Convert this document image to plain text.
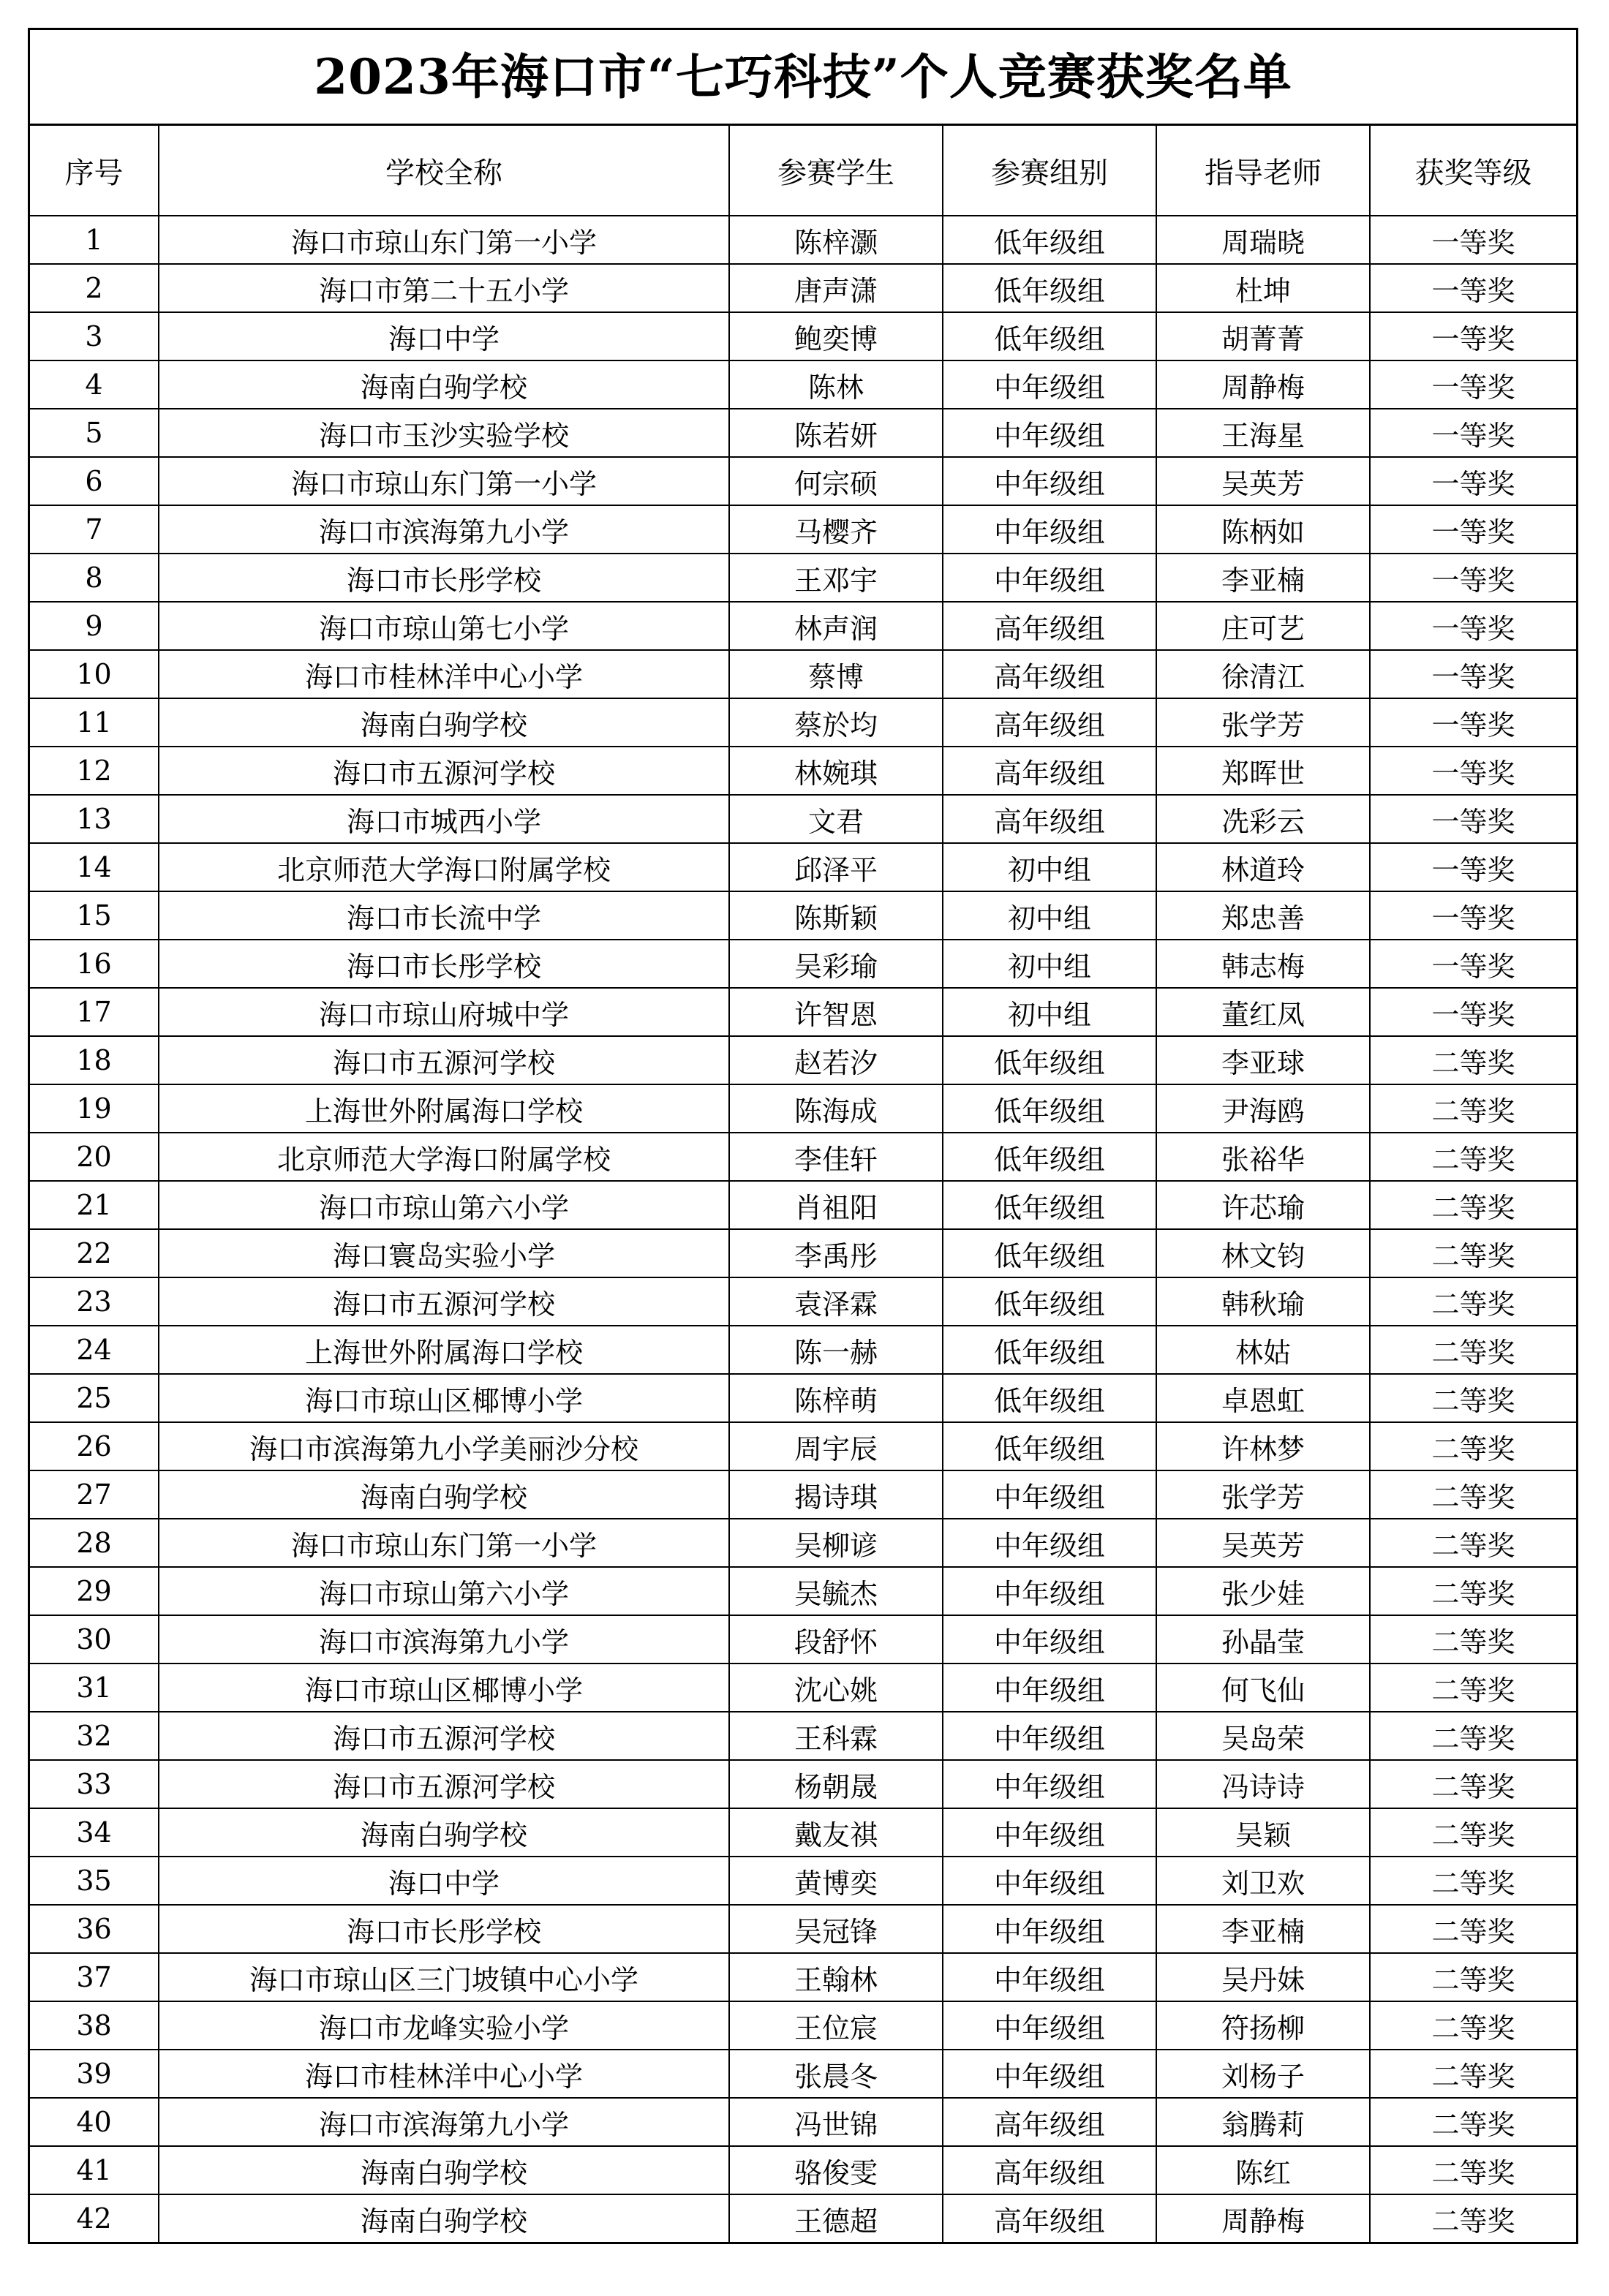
2023年海口市“七巧科技”个人竞赛获奖名单
序号	学校全称	参赛学生	参赛组别	指导老师	获奖等级
1	海口市琼山东门第一小学	陈梓灏	低年级组	周瑞晓	一等奖
2	海口市第二十五小学	唐声潇	低年级组	杜坤	一等奖
3	海口中学	鲍奕博	低年级组	胡菁菁	一等奖
4	海南白驹学校	陈林	中年级组	周静梅	一等奖
5	海口市玉沙实验学校	陈若妍	中年级组	王海星	一等奖
6	海口市琼山东门第一小学	何宗硕	中年级组	吴英芳	一等奖
7	海口市滨海第九小学	马樱齐	中年级组	陈柄如	一等奖
8	海口市长彤学校	王邓宇	中年级组	李亚楠	一等奖
9	海口市琼山第七小学	林声润	高年级组	庄可艺	一等奖
10	海口市桂林洋中心小学	蔡博	高年级组	徐清江	一等奖
11	海南白驹学校	蔡於均	高年级组	张学芳	一等奖
12	海口市五源河学校	林婉琪	高年级组	郑晖世	一等奖
13	海口市城西小学	文君	高年级组	冼彩云	一等奖
14	北京师范大学海口附属学校	邱泽平	初中组	林道玲	一等奖
15	海口市长流中学	陈斯颖	初中组	郑忠善	一等奖
16	海口市长彤学校	吴彩瑜	初中组	韩志梅	一等奖
17	海口市琼山府城中学	许智恩	初中组	董红凤	一等奖
18	海口市五源河学校	赵若汐	低年级组	李亚球	二等奖
19	上海世外附属海口学校	陈海成	低年级组	尹海鸥	二等奖
20	北京师范大学海口附属学校	李佳轩	低年级组	张裕华	二等奖
21	海口市琼山第六小学	肖祖阳	低年级组	许芯瑜	二等奖
22	海口寰岛实验小学	李禹彤	低年级组	林文钧	二等奖
23	海口市五源河学校	袁泽霖	低年级组	韩秋瑜	二等奖
24	上海世外附属海口学校	陈一赫	低年级组	林姑	二等奖
25	海口市琼山区椰博小学	陈梓萌	低年级组	卓恩虹	二等奖
26	海口市滨海第九小学美丽沙分校	周宇辰	低年级组	许林梦	二等奖
27	海南白驹学校	揭诗琪	中年级组	张学芳	二等奖
28	海口市琼山东门第一小学	吴柳谚	中年级组	吴英芳	二等奖
29	海口市琼山第六小学	吴毓杰	中年级组	张少娃	二等奖
30	海口市滨海第九小学	段舒怀	中年级组	孙晶莹	二等奖
31	海口市琼山区椰博小学	沈心姚	中年级组	何飞仙	二等奖
32	海口市五源河学校	王科霖	中年级组	吴岛荣	二等奖
33	海口市五源河学校	杨朝晟	中年级组	冯诗诗	二等奖
34	海南白驹学校	戴友祺	中年级组	吴颖	二等奖
35	海口中学	黄博奕	中年级组	刘卫欢	二等奖
36	海口市长彤学校	吴冠锋	中年级组	李亚楠	二等奖
37	海口市琼山区三门坡镇中心小学	王翰林	中年级组	吴丹妹	二等奖
38	海口市龙峰实验小学	王位宸	中年级组	符扬柳	二等奖
39	海口市桂林洋中心小学	张晨冬	中年级组	刘杨子	二等奖
40	海口市滨海第九小学	冯世锦	高年级组	翁腾莉	二等奖
41	海南白驹学校	骆俊雯	高年级组	陈红	二等奖
42	海南白驹学校	王德超	高年级组	周静梅	二等奖
